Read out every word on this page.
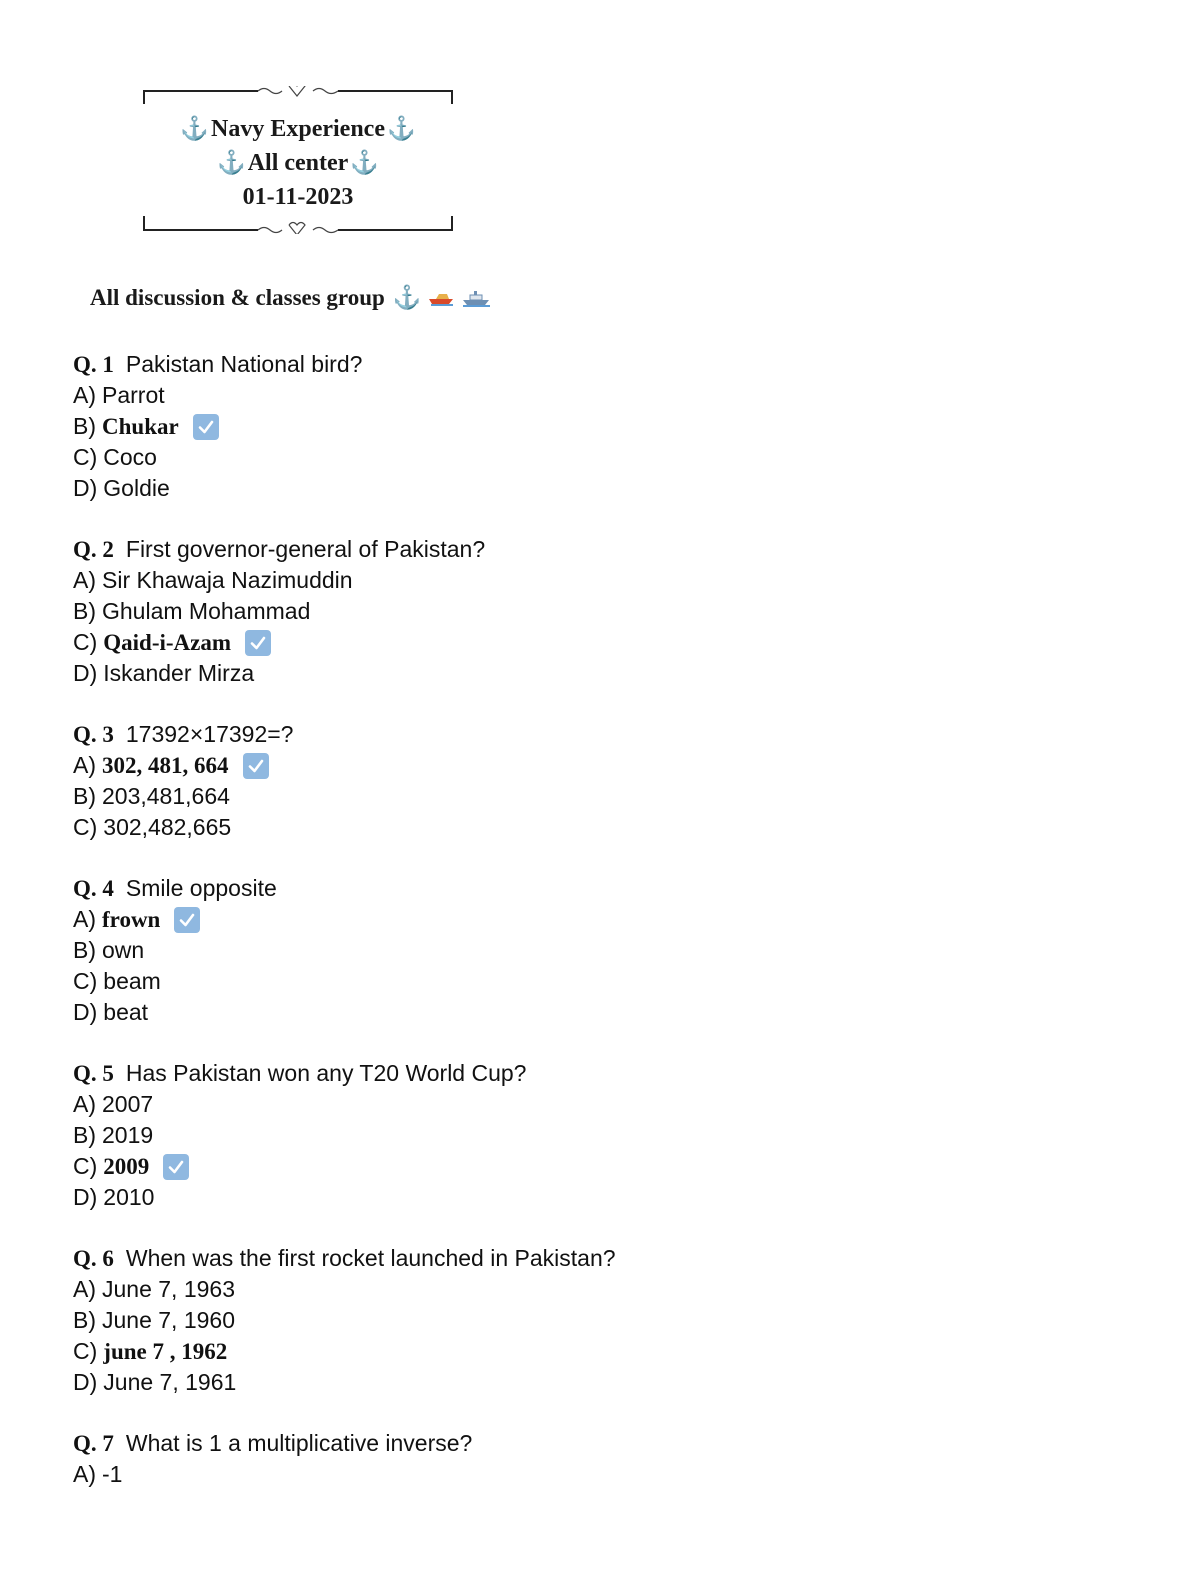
⚓ Navy Experience ⚓
⚓ All center ⚓
01-11-2023
All discussion & classes group ⚓
Q. 1 Pakistan National bird?
A) Parrot
B) Chukar
C) Coco
D) Goldie
Q. 2 First governor-general of Pakistan?
A) Sir Khawaja Nazimuddin
B) Ghulam Mohammad
C) Qaid-i-Azam
D) Iskander Mirza
Q. 3 17392×17392=?
A) 302, 481, 664
B) 203,481,664
C) 302,482,665
Q. 4 Smile opposite
A) frown
B) own
C) beam
D) beat
Q. 5 Has Pakistan won any T20 World Cup?
A) 2007
B) 2019
C) 2009
D) 2010
Q. 6 When was the first rocket launched in Pakistan?
A) June 7, 1963
B) June 7, 1960
C) june 7 , 1962
D) June 7, 1961
Q. 7 What is 1 a multiplicative inverse?
A) -1
